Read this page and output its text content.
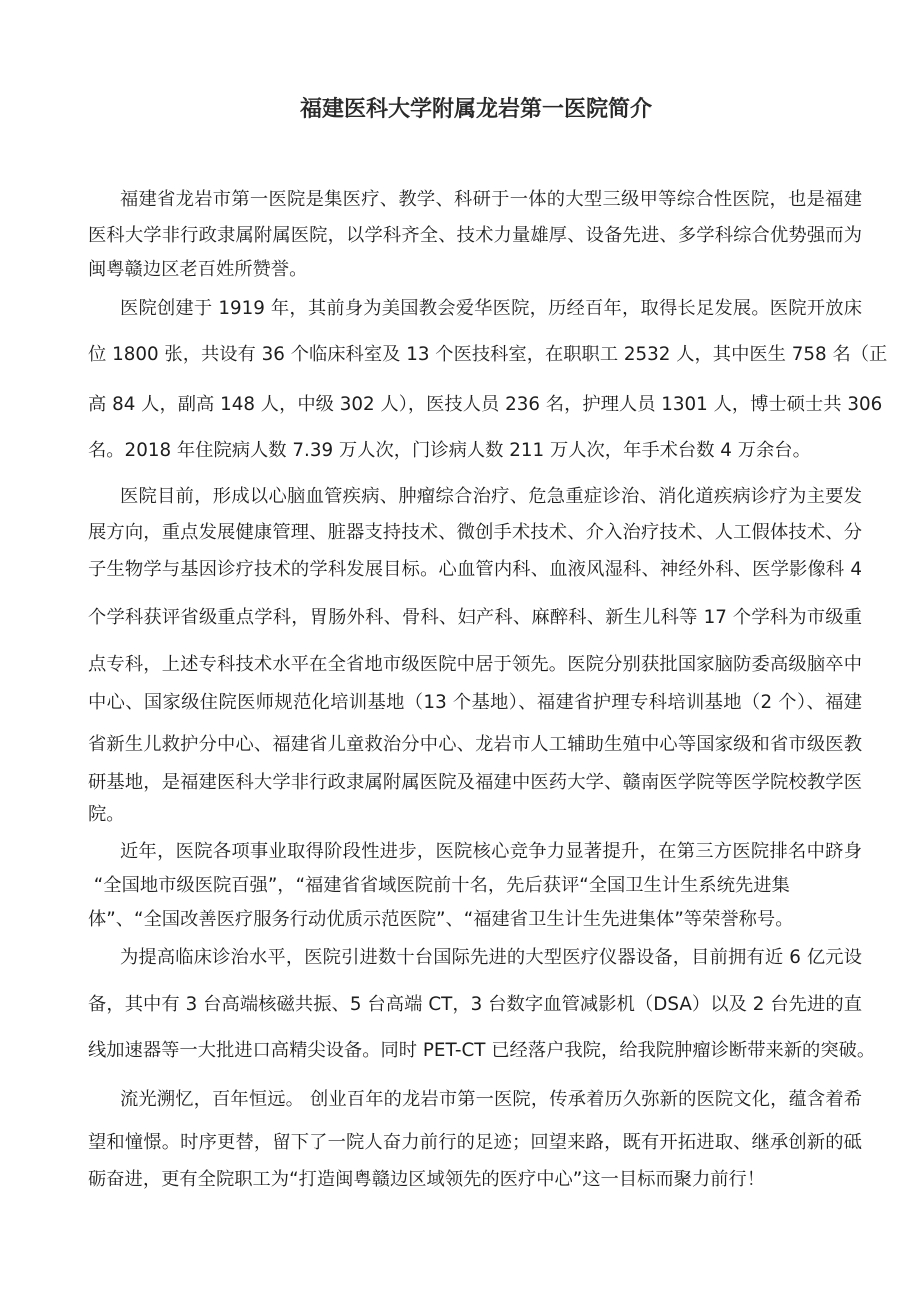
福建医科大学附属龙岩第一医院简介
福建省龙岩市第一医院是集医疗、教学、科研于一体的大型三级甲等综合性医院，也是福建
医科大学非行政隶属附属医院，以学科齐全、技术力量雄厚、设备先进、多学科综合优势强而为
闽粤赣边区老百姓所赞誉。
医院创建于 1919 年，其前身为美国教会爱华医院，历经百年，取得长足发展。医院开放床
位 1800 张，共设有 36 个临床科室及 13 个医技科室，在职职工 2532 人，其中医生 758 名（正
高 84 人，副高 148 人，中级 302 人），医技人员 236 名，护理人员 1301 人，博士硕士共 306
名。2018 年住院病人数 7.39 万人次，门诊病人数 211 万人次，年手术台数 4 万余台。
医院目前，形成以心脑血管疾病、肿瘤综合治疗、危急重症诊治、消化道疾病诊疗为主要发
展方向，重点发展健康管理、脏器支持技术、微创手术技术、介入治疗技术、人工假体技术、分
子生物学与基因诊疗技术的学科发展目标。心血管内科、血液风湿科、神经外科、医学影像科 4
个学科获评省级重点学科，胃肠外科、骨科、妇产科、麻醉科、新生儿科等 17 个学科为市级重
点专科，上述专科技术水平在全省地市级医院中居于领先。医院分别获批国家脑防委高级脑卒中
中心、国家级住院医师规范化培训基地（13 个基地）、福建省护理专科培训基地（2 个）、福建
省新生儿救护分中心、福建省儿童救治分中心、龙岩市人工辅助生殖中心等国家级和省市级医教
研基地，是福建医科大学非行政隶属附属医院及福建中医药大学、赣南医学院等医学院校教学医
院。
近年，医院各项事业取得阶段性进步，医院核心竞争力显著提升，在第三方医院排名中跻身
“全国地市级医院百强”，“福建省省域医院前十名，先后获评“全国卫生计生系统先进集
体”、“全国改善医疗服务行动优质示范医院”、“福建省卫生计生先进集体”等荣誉称号。
为提高临床诊治水平，医院引进数十台国际先进的大型医疗仪器设备，目前拥有近 6 亿元设
备，其中有 3 台高端核磁共振、5 台高端 CT，3 台数字血管减影机（DSA）以及 2 台先进的直
线加速器等一大批进口高精尖设备。同时 PET-CT 已经落户我院，给我院肿瘤诊断带来新的突破。
流光溯忆，百年恒远。 创业百年的龙岩市第一医院，传承着历久弥新的医院文化，蕴含着希
望和憧憬。时序更替，留下了一院人奋力前行的足迹；回望来路，既有开拓进取、继承创新的砥
砺奋进，更有全院职工为“打造闽粤赣边区域领先的医疗中心”这一目标而聚力前行！
